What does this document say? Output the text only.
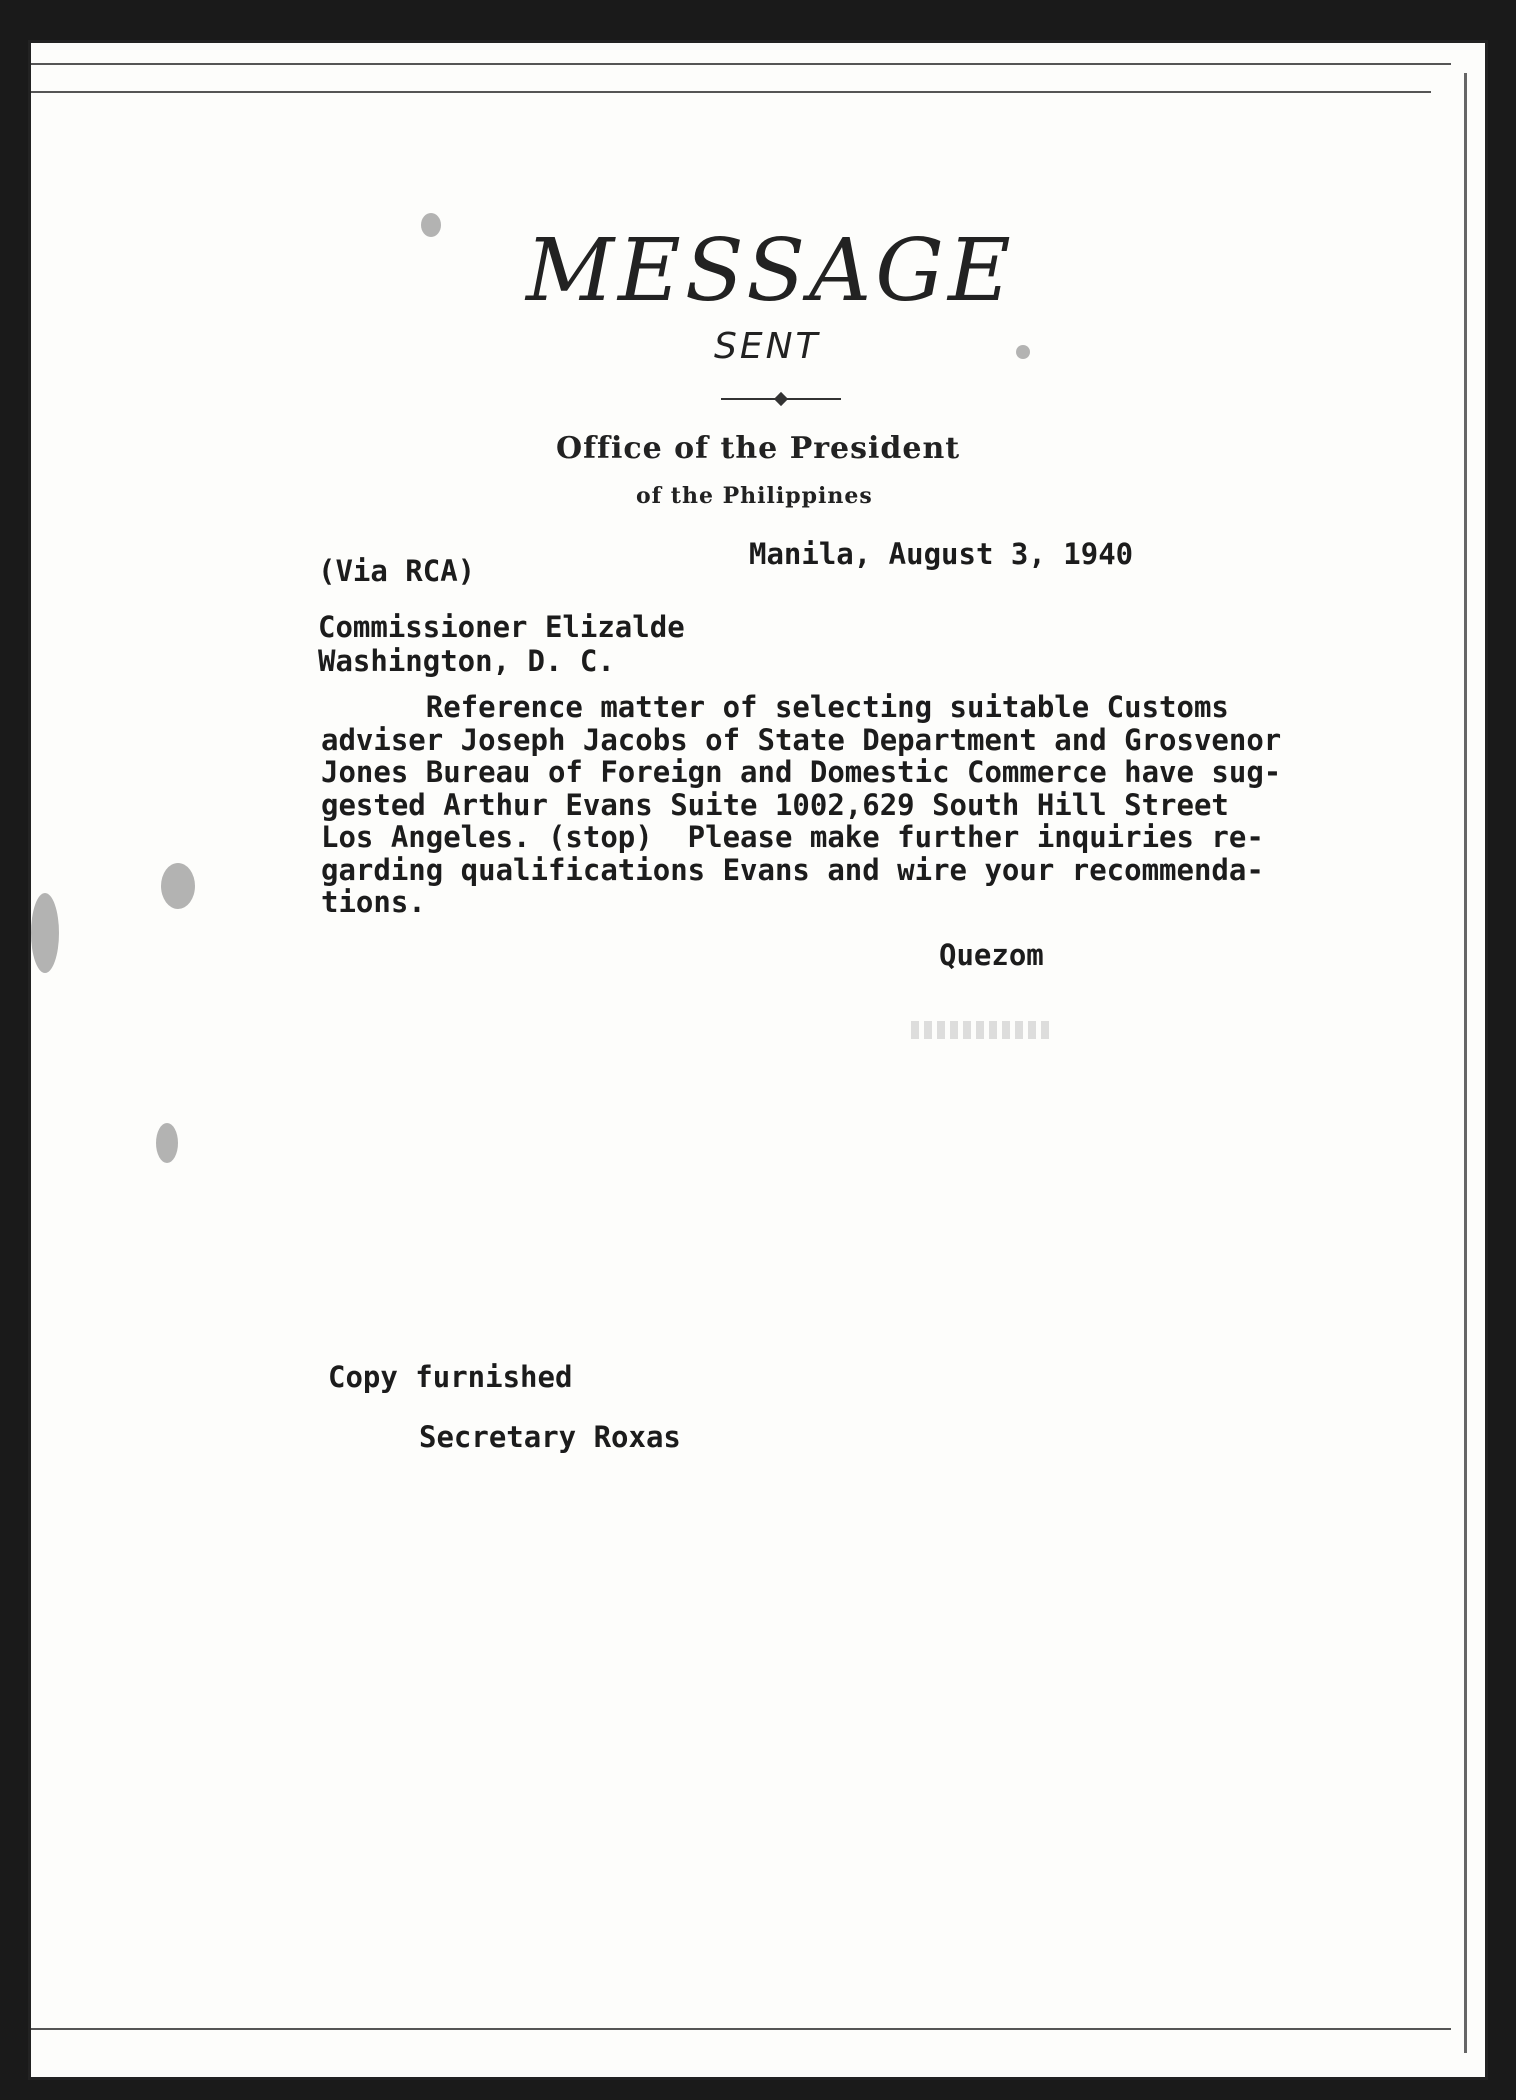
MESSAGE
SENT
Office of the President
of the Philippines
(Via RCA)	Manila, August 3, 1940
Commissioner Elizalde
Washington, D. C.
Reference matter of selecting suitable Customs
adviser Joseph Jacobs of State Department and Grosvenor
Jones Bureau of Foreign and Domestic Commerce have sug-
gested Arthur Evans Suite 1002,629 South Hill Street
Los Angeles. (stop)  Please make further inquiries re-
garding qualifications Evans and wire your recommenda-
tions.
Quezom
Copy furnished
Secretary Roxas
